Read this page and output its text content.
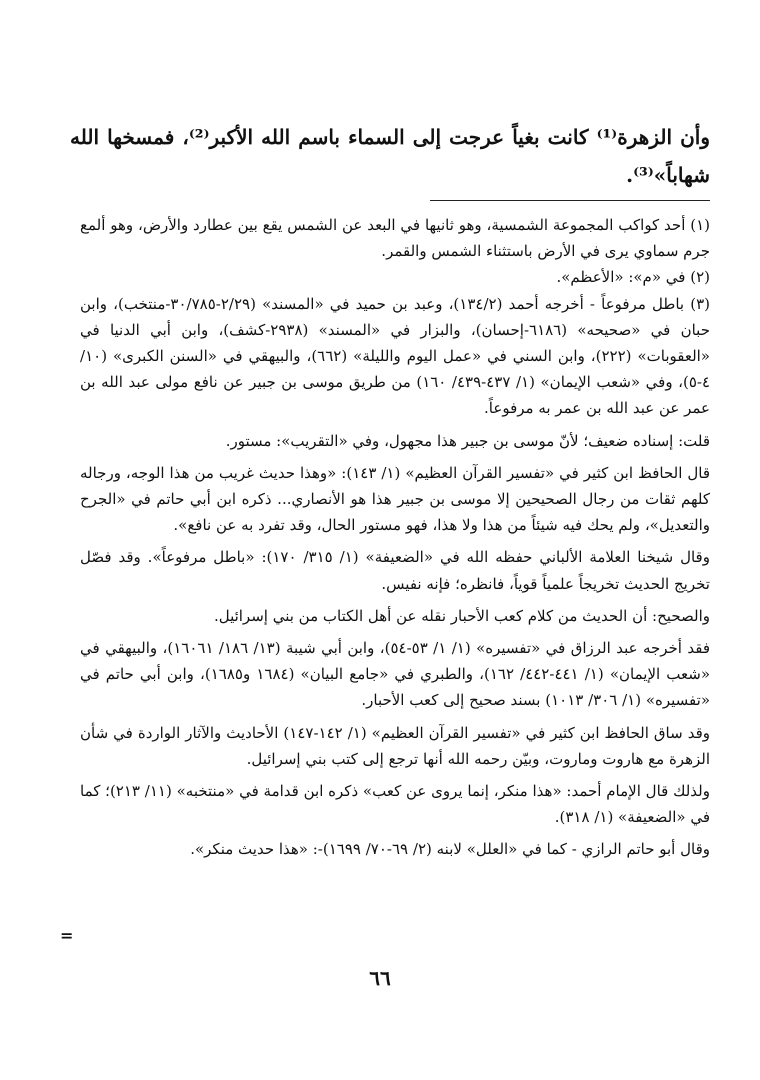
وأن الزهرة⁽¹⁾ كانت بغياً عرجت إلى السماء باسم الله الأكبر⁽²⁾، فمسخها الله شهاباً»⁽³⁾.

(١) أحد كواكب المجموعة الشمسية، وهو ثانيها في البعد عن الشمس يقع بين عطارد والأرض، وهو ألمع جرم سماوي يرى في الأرض باستثناء الشمس والقمر.

(٢) في «م»: «الأعظم».

(٣) باطل مرفوعاً - أخرجه أحمد (١٣٤/٢)، وعبد بن حميد في «المسند» (٢/٢٩-٣٠/٧٨٥-منتخب)، وابن حبان في «صحيحه» (٦١٨٦-إحسان)، والبزار في «المسند» (٢٩٣٨-كشف)، وابن أبي الدنيا في «العقوبات» (٢٢٢)، وابن السني في «عمل اليوم والليلة» (٦٦٢)، والبيهقي في «السنن الكبرى» (١٠/ ٤-٥)، وفي «شعب الإيمان» (١/ ٤٣٧-٤٣٩/ ١٦٠) من طريق موسى بن جبير عن نافع مولى عبد الله بن عمر عن عبد الله بن عمر به مرفوعاً.

قلت: إسناده ضعيف؛ لأنّ موسى بن جبير هذا مجهول، وفي «التقريب»: مستور.

قال الحافظ ابن كثير في «تفسير القرآن العظيم» (١/ ١٤٣): «وهذا حديث غريب من هذا الوجه، ورجاله كلهم ثقات من رجال الصحيحين إلا موسى بن جبير هذا هو الأنصاري... ذكره ابن أبي حاتم في «الجرح والتعديل»، ولم يحك فيه شيئاً من هذا ولا هذا، فهو مستور الحال، وقد تفرد به عن نافع».

وقال شيخنا العلامة الألباني حفظه الله في «الضعيفة» (١/ ٣١٥/ ١٧٠): «باطل مرفوعاً». وقد فصّل تخريج الحديث تخريجاً علمياً قوياً، فانظره؛ فإنه نفيس.

والصحيح: أن الحديث من كلام كعب الأحبار نقله عن أهل الكتاب من بني إسرائيل.

فقد أخرجه عبد الرزاق في «تفسيره» (١/ ١/ ٥٣-٥٤)، وابن أبي شيبة (١٣/ ١٨٦/ ١٦٠٦١)، والبيهقي في «شعب الإيمان» (١/ ٤٤١-٤٤٢/ ١٦٢)، والطبري في «جامع البيان» (١٦٨٤ و١٦٨٥)، وابن أبي حاتم في «تفسيره» (١/ ٣٠٦/ ١٠١٣) بسند صحيح إلى كعب الأحبار.

وقد ساق الحافظ ابن كثير في «تفسير القرآن العظيم» (١/ ١٤٢-١٤٧) الأحاديث والآثار الواردة في شأن الزهرة مع هاروت وماروت، وبيّن رحمه الله أنها ترجع إلى كتب بني إسرائيل.

ولذلك قال الإمام أحمد: «هذا منكر، إنما يروى عن كعب» ذكره ابن قدامة في «منتخبه» (١١/ ٢١٣)؛ كما في «الضعيفة» (١/ ٣١٨).

وقال أبو حاتم الرازي - كما في «العلل» لابنه (٢/ ٦٩-٧٠/ ١٦٩٩)-: «هذا حديث منكر».

=
٦٦
